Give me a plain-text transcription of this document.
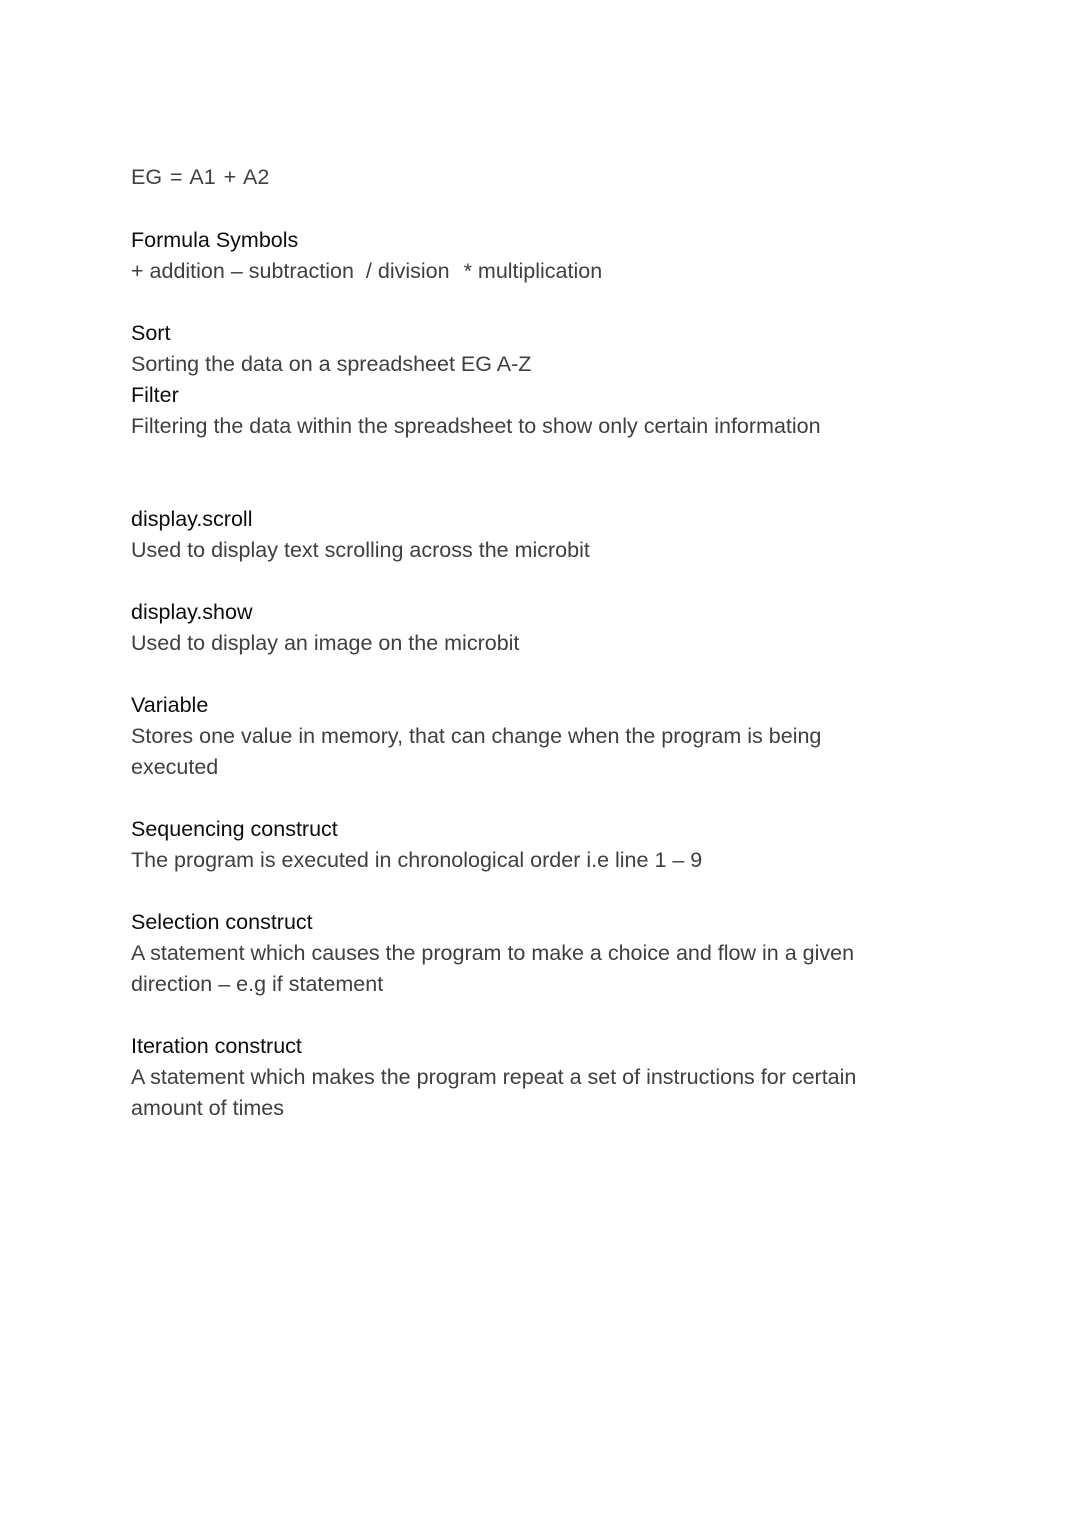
EG = A1 + A2
Formula Symbols
+ addition – subtraction / division * multiplication
Sort
Sorting the data on a spreadsheet EG A-Z
Filter
Filtering the data within the spreadsheet to show only certain information
display.scroll
Used to display text scrolling across the microbit
display.show
Used to display an image on the microbit
Variable
Stores one value in memory, that can change when the program is being
executed
Sequencing construct
The program is executed in chronological order i.e line 1 – 9
Selection construct
A statement which causes the program to make a choice and flow in a given
direction – e.g if statement
Iteration construct
A statement which makes the program repeat a set of instructions for certain
amount of times
